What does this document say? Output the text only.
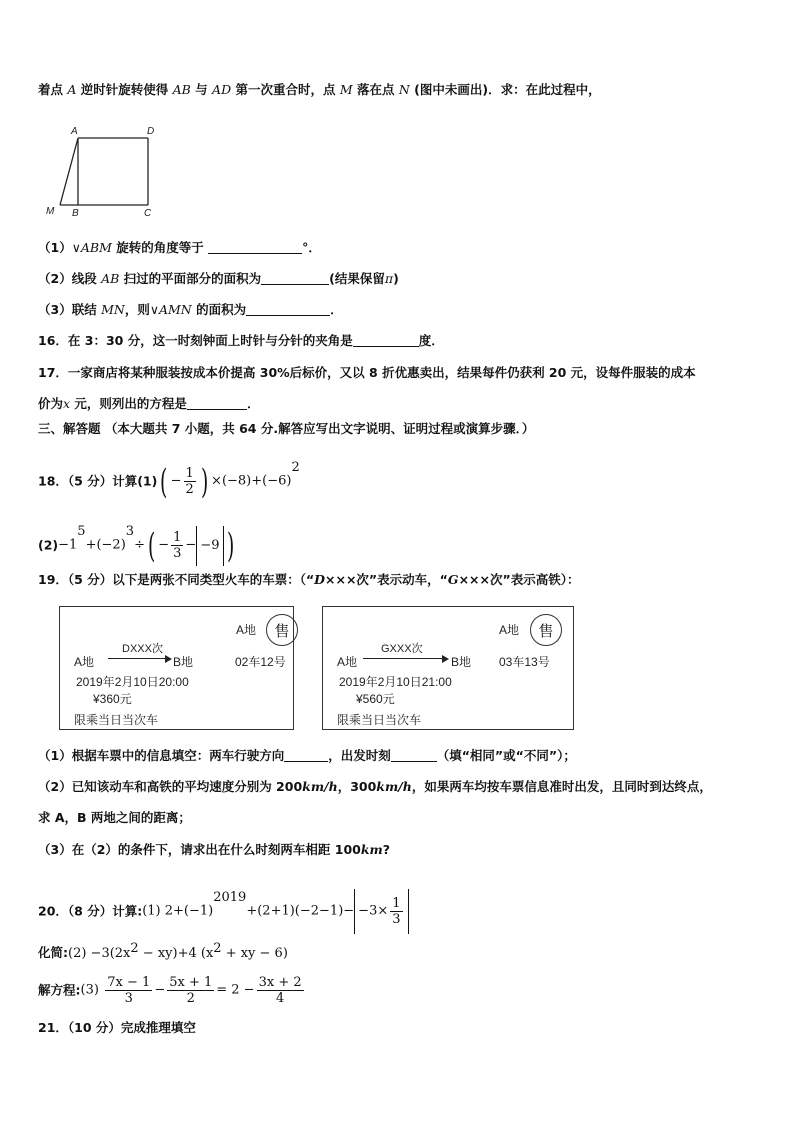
着点 A 逆时针旋转使得 AB 与 AD 第一次重合时，点 M 落在点 N (图中未画出)．求：在此过程中，
A	D
M B	C
（1）∨ABM 旋转的角度等于	°．
（2）线段 AB 扫过的平面部分的面积为	(结果保留π)
（3）联结 MN，则∨AMN 的面积为	．
16．在 3：30 分，这一时刻钟面上时针与分针的夹角是	度．
17．一家商店将某种服装按成本价提高 30%后标价，又以 8 折优惠卖出，结果每件仍获利 20 元，设每件服装的成本
价为x 元，则列出的方程是	．
三、解答题 （本大题共 7 小题，共 64 分.解答应写出文字说明、证明过程或演算步骤．）
18．（5 分）计算$(1)( - \frac{1}{2}$ ) $\times(-8)+(-6)^2$
$(2)-1^5+(-2)^3\div( - \frac{1}{3} - -9$ )
19．（5 分）以下是两张不同类型火车的车票：（“D×××次”表示动车，“G×××次”表示高铁）：
A地	售
DXXX次
A地	B地	02车12号
2019年2月10日20:00
¥360元
限乘当日当次车
A地	售
GXXX次
A地	B地 03车13号
2019年2月10日21:00
¥560元
限乘当日当次车
（1）根据车票中的信息填空：两车行驶方向	，出发时刻	（填“相同”或“不同”）；
（2）已知该动车和高铁的平均速度分别为 200km/h，300km/h，如果两车均按车票信息准时出发，且同时到达终点，
求 A，B 两地之间的距离；
（3）在（2）的条件下，请求出在什么时刻两车相距 100km?
20．（8 分）计算:(1) $2+(-1)^{2019}+(2+1)(-2-1)- -3\times \frac{1}{3}$
化简:(2) $-3(2x^2 - xy)+4$ ($x^2$ + xy − 6)
解方程:(3) $\frac{7x - 1}{3} - \frac{5x + 1}{2} = 2 - \frac{3x + 2}{4}$
21．（10 分）完成推理填空
